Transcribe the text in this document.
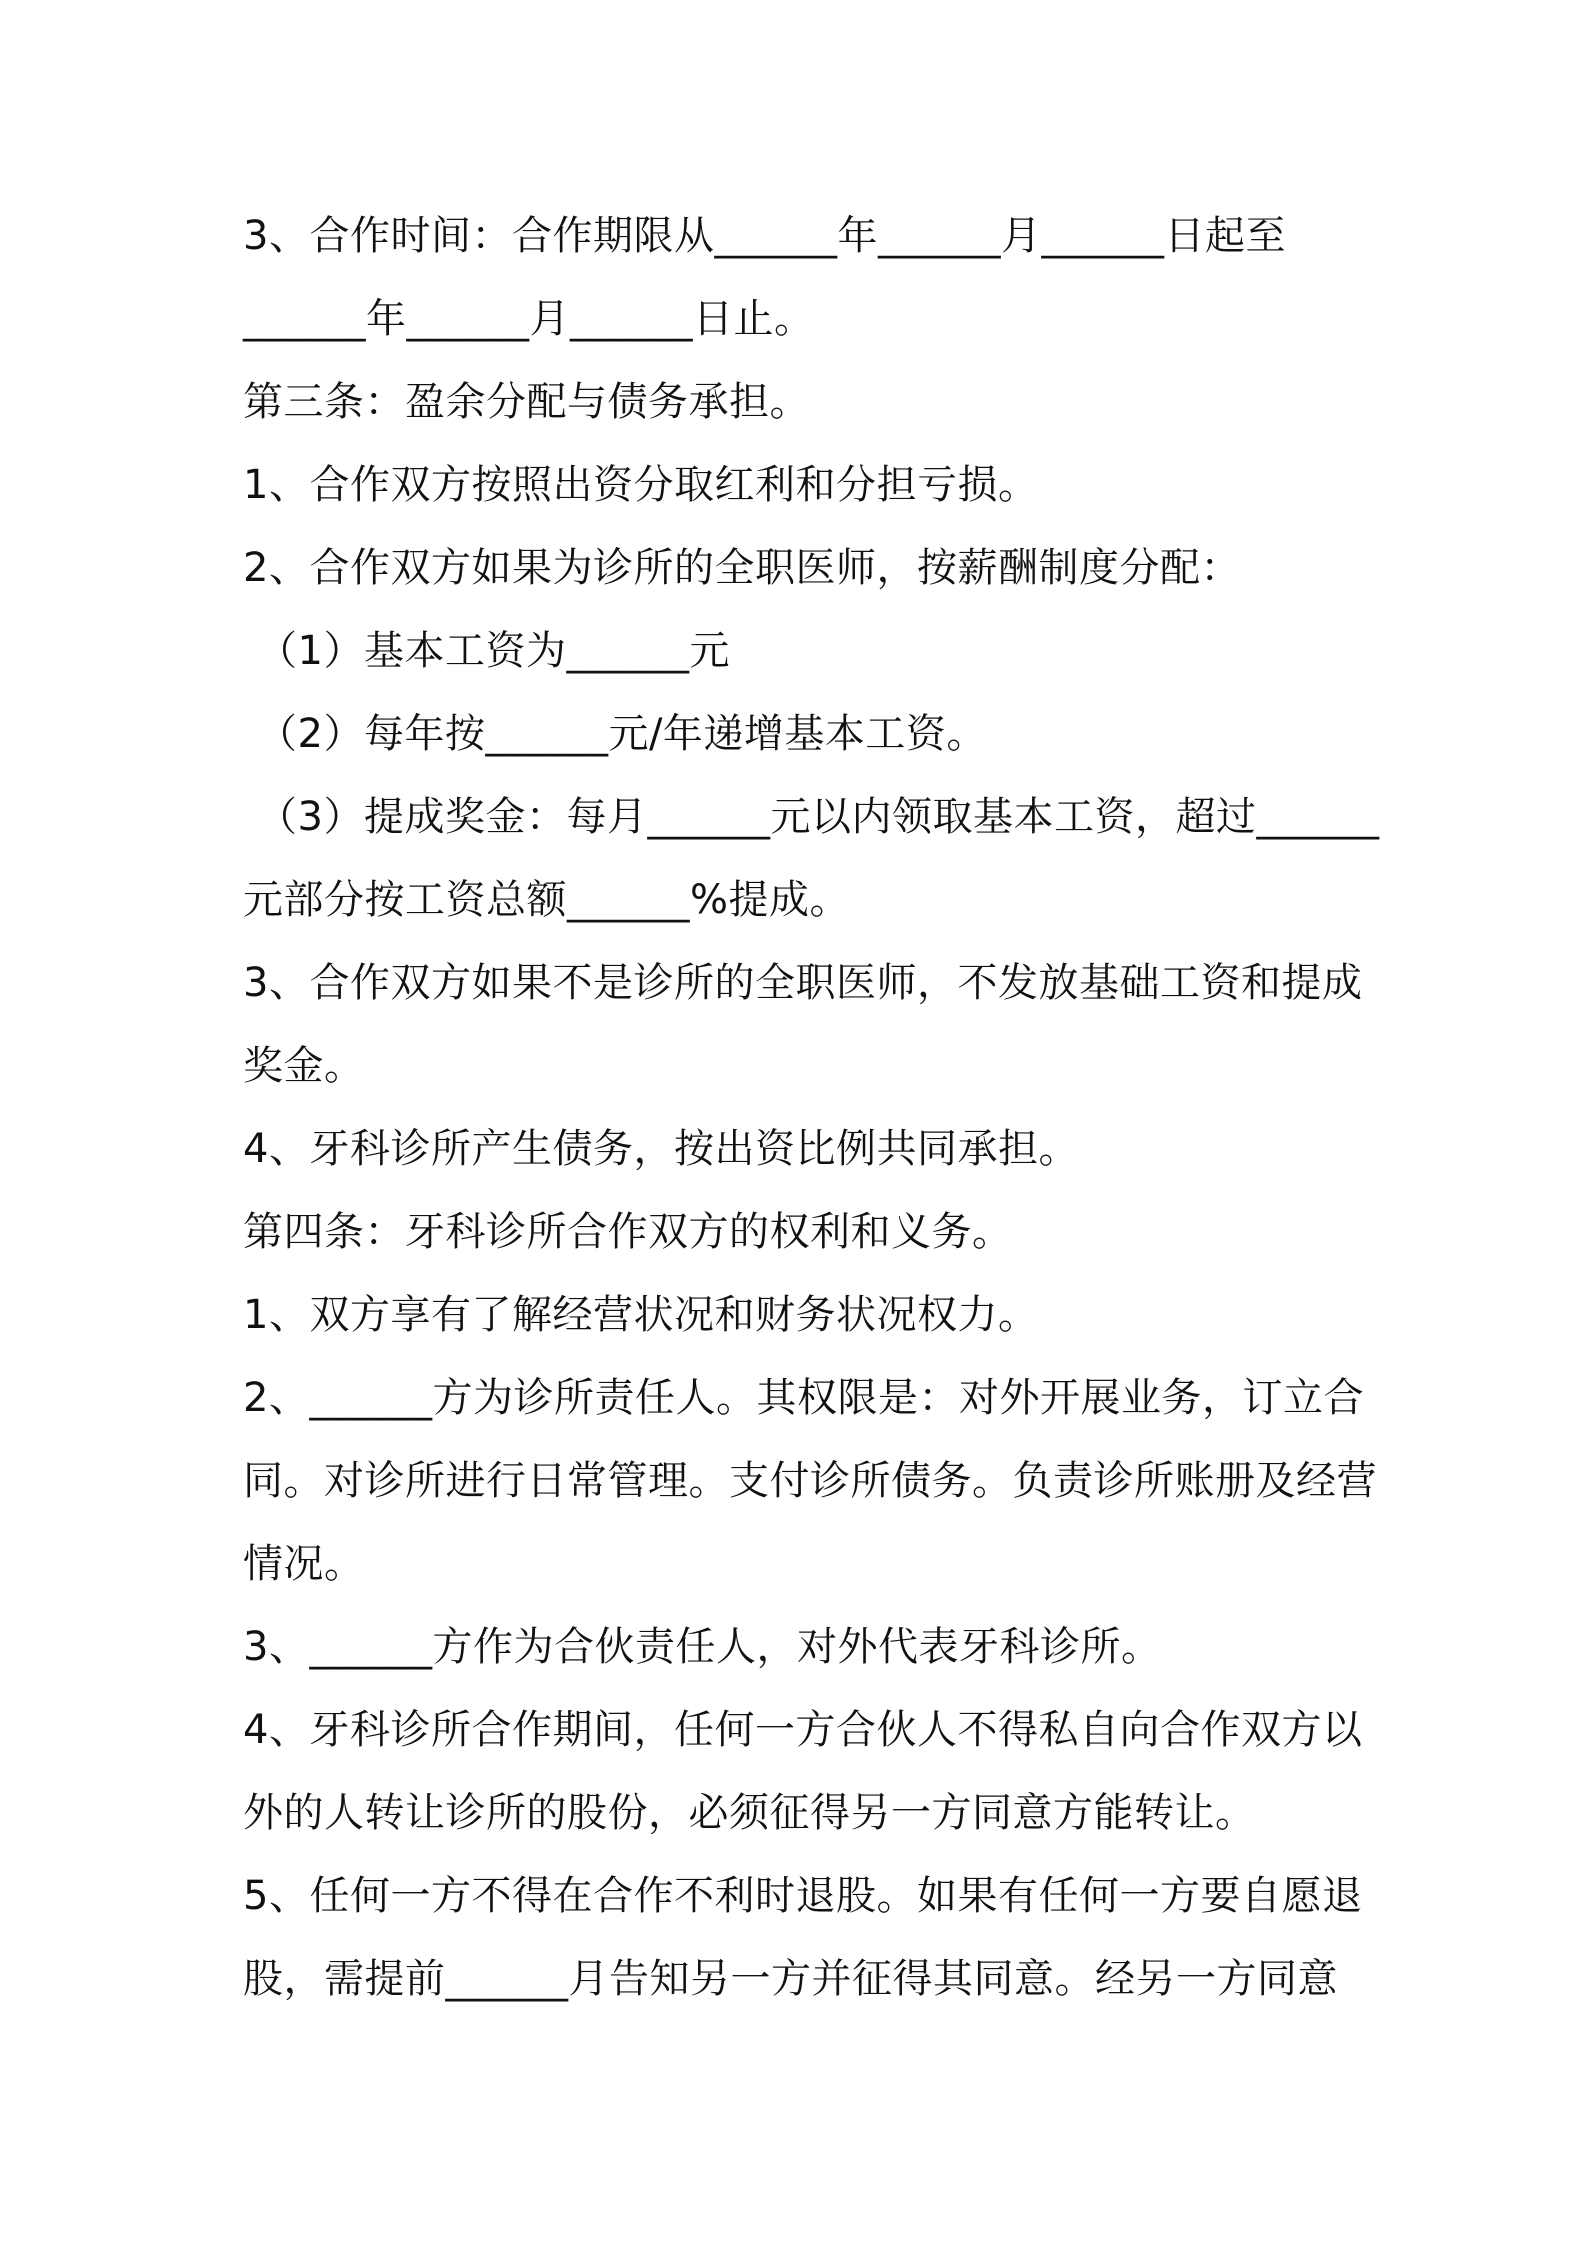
3、合作时间：合作期限从______年______月______日起至
______年______月______日止。
第三条：盈余分配与债务承担。
1、合作双方按照出资分取红利和分担亏损。
2、合作双方如果为诊所的全职医师，按薪酬制度分配：
（1）基本工资为______元
（2）每年按______元/年递增基本工资。
（3）提成奖金：每月______元以内领取基本工资，超过______
元部分按工资总额______%提成。
3、合作双方如果不是诊所的全职医师，不发放基础工资和提成
奖金。
4、牙科诊所产生债务，按出资比例共同承担。
第四条：牙科诊所合作双方的权利和义务。
1、双方享有了解经营状况和财务状况权力。
2、______方为诊所责任人。其权限是：对外开展业务，订立合
同。对诊所进行日常管理。支付诊所债务。负责诊所账册及经营
情况。
3、______方作为合伙责任人，对外代表牙科诊所。
4、牙科诊所合作期间，任何一方合伙人不得私自向合作双方以
外的人转让诊所的股份，必须征得另一方同意方能转让。
5、任何一方不得在合作不利时退股。如果有任何一方要自愿退
股，需提前______月告知另一方并征得其同意。经另一方同意
